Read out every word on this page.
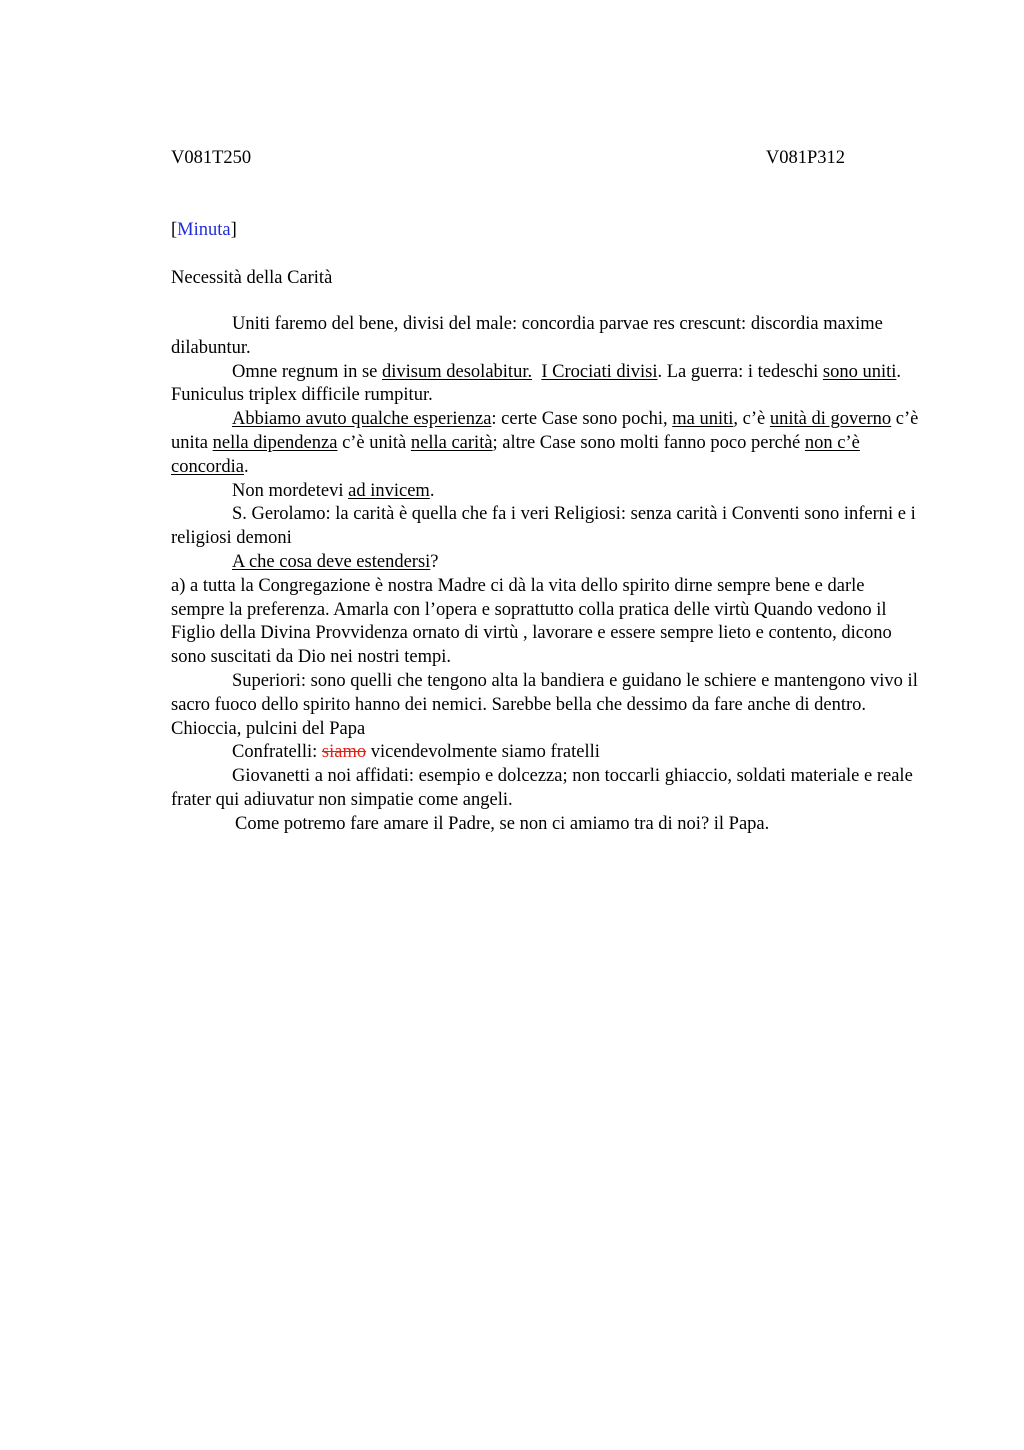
V081T250	V081P312
[Minuta]
Necessità della Carità

Uniti faremo del bene, divisi del male: concordia parvae res crescunt: discordia maxime dilabuntur.

Omne regnum in se divisum desolabitur. I Crociati divisi. La guerra: i tedeschi sono uniti. Funiculus triplex difficile rumpitur.

Abbiamo avuto qualche esperienza: certe Case sono pochi, ma uniti, c’è unità di governo c’è unita nella dipendenza c’è unità nella carità; altre Case sono molti fanno poco perché non c’è concordia.

Non mordetevi ad invicem.

S. Gerolamo: la carità è quella che fa i veri Religiosi: senza carità i Conventi sono inferni e i religiosi demoni

A che cosa deve estendersi?

a) a tutta la Congregazione è nostra Madre ci dà la vita dello spirito dirne sempre bene e darle sempre la preferenza. Amarla con l’opera e soprattutto colla pratica delle virtù Quando vedono il Figlio della Divina Provvidenza ornato di virtù , lavorare e essere sempre lieto e contento, dicono sono suscitati da Dio nei nostri tempi.

Superiori: sono quelli che tengono alta la bandiera e guidano le schiere e mantengono vivo il sacro fuoco dello spirito hanno dei nemici. Sarebbe bella che dessimo da fare anche di dentro. Chioccia, pulcini del Papa

Confratelli: siamo vicendevolmente siamo fratelli

Giovanetti a noi affidati: esempio e dolcezza; non toccarli ghiaccio, soldati materiale e reale frater qui adiuvatur non simpatie come angeli.

Come potremo fare amare il Padre, se non ci amiamo tra di noi? il Papa.
